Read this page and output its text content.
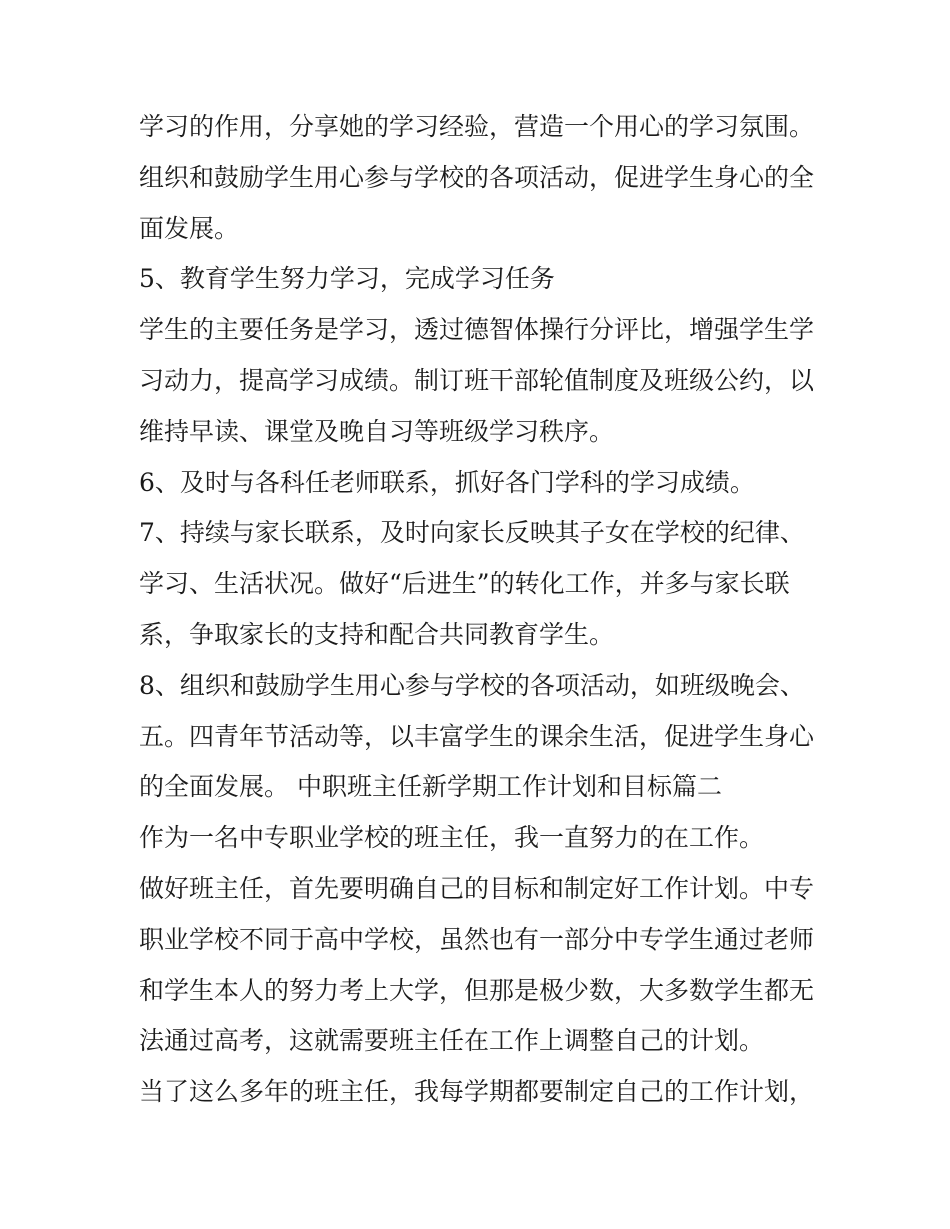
学习的作用，分享她的学习经验，营造一个用心的学习氛围。
组织和鼓励学生用心参与学校的各项活动，促进学生身心的全
面发展。
5、教育学生努力学习，完成学习任务
学生的主要任务是学习，透过德智体操行分评比，增强学生学
习动力，提高学习成绩。制订班干部轮值制度及班级公约，以
维持早读、课堂及晚自习等班级学习秩序。
6、及时与各科任老师联系，抓好各门学科的学习成绩。
7、持续与家长联系，及时向家长反映其子女在学校的纪律、
学习、生活状况。做好“后进生”的转化工作，并多与家长联
系，争取家长的支持和配合共同教育学生。
8、组织和鼓励学生用心参与学校的各项活动，如班级晚会、
五。四青年节活动等，以丰富学生的课余生活，促进学生身心
的全面发展。 中职班主任新学期工作计划和目标篇二
作为一名中专职业学校的班主任，我一直努力的在工作。
做好班主任，首先要明确自己的目标和制定好工作计划。中专
职业学校不同于高中学校，虽然也有一部分中专学生通过老师
和学生本人的努力考上大学，但那是极少数，大多数学生都无
法通过高考，这就需要班主任在工作上调整自己的计划。
当了这么多年的班主任，我每学期都要制定自己的工作计划，
